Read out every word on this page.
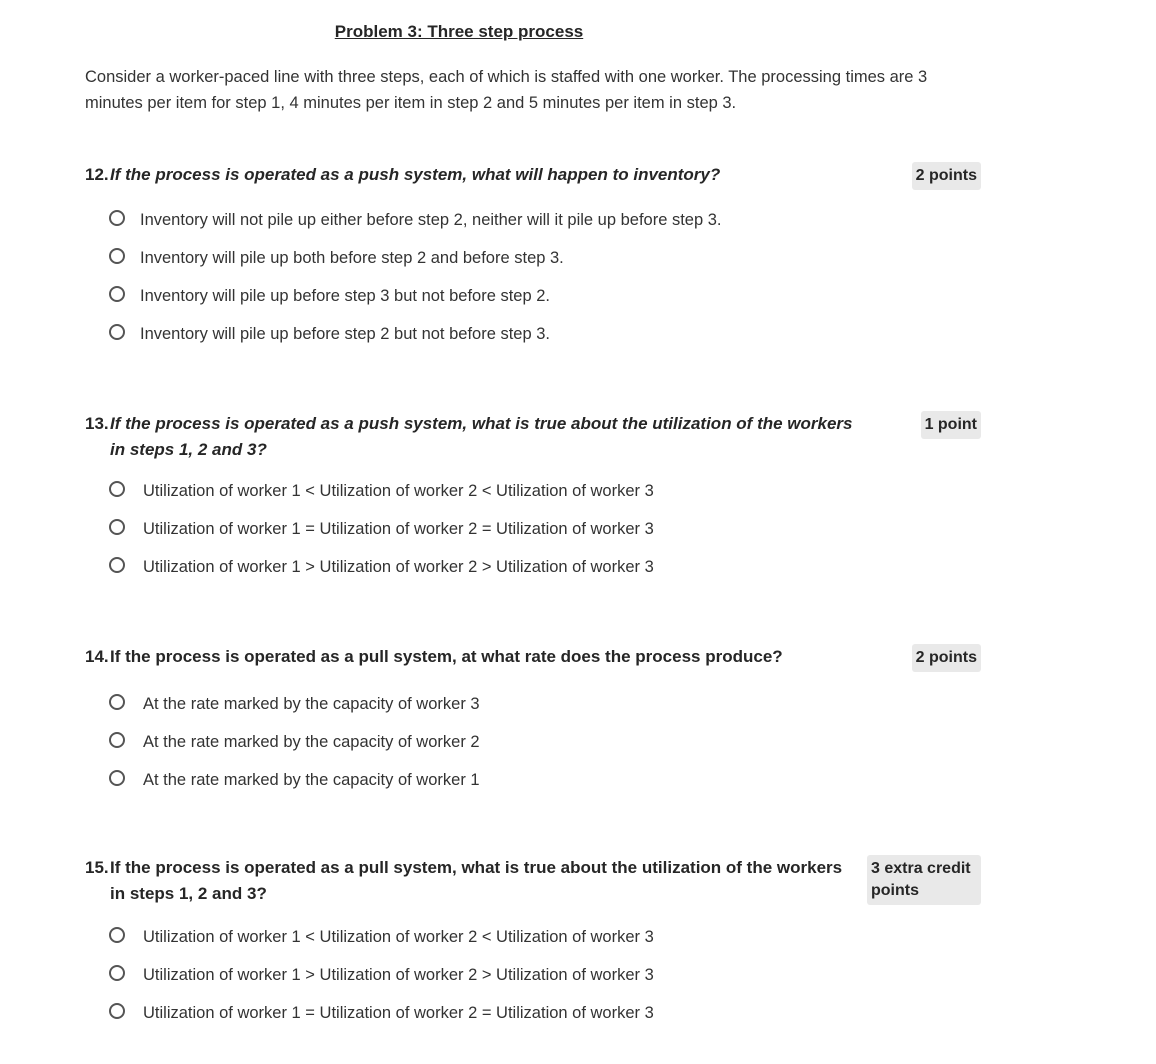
Problem 3: Three step process
Consider a worker-paced line with three steps, each of which is staffed with one worker. The processing times are 3 minutes per item for step 1, 4 minutes per item in step 2 and 5 minutes per item in step 3.
12. If the process is operated as a push system, what will happen to inventory?	2 points
Inventory will not pile up either before step 2, neither will it pile up before step 3.
Inventory will pile up both before step 2 and before step 3.
Inventory will pile up before step 3 but not before step 2.
Inventory will pile up before step 2 but not before step 3.
13. If the process is operated as a push system, what is true about the utilization of the workers in steps 1, 2 and 3?
1 point
Utilization of worker 1 < Utilization of worker 2 < Utilization of worker 3
Utilization of worker 1 = Utilization of worker 2 = Utilization of worker 3
Utilization of worker 1 > Utilization of worker 2 > Utilization of worker 3
14. If the process is operated as a pull system, at what rate does the process produce?	2 points
At the rate marked by the capacity of worker 3
At the rate marked by the capacity of worker 2
At the rate marked by the capacity of worker 1
15. If the process is operated as a pull system, what is true about the utilization of the workers in steps 1, 2 and 3?
3 extra credit points
Utilization of worker 1 < Utilization of worker 2 < Utilization of worker 3
Utilization of worker 1 > Utilization of worker 2 > Utilization of worker 3
Utilization of worker 1 = Utilization of worker 2 = Utilization of worker 3
